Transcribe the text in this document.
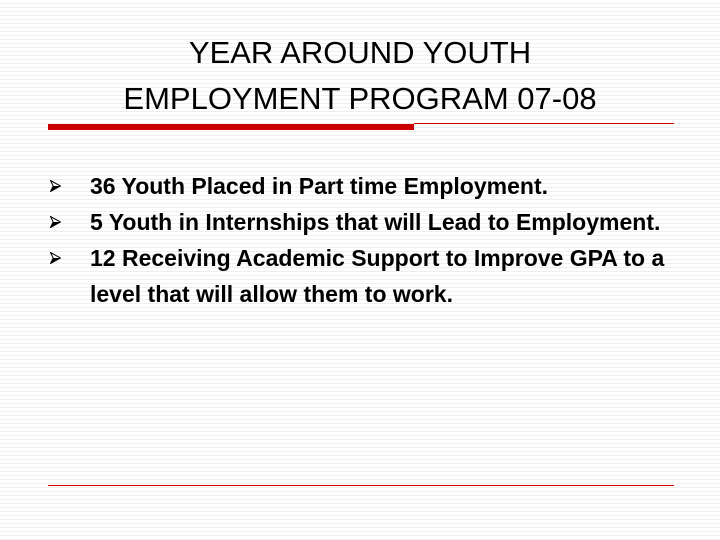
YEAR AROUND YOUTH
EMPLOYMENT PROGRAM 07-08
36 Youth Placed in Part time Employment.
5 Youth in Internships that will Lead to Employment.
12 Receiving Academic Support to Improve GPA to a level that will allow them to work.
